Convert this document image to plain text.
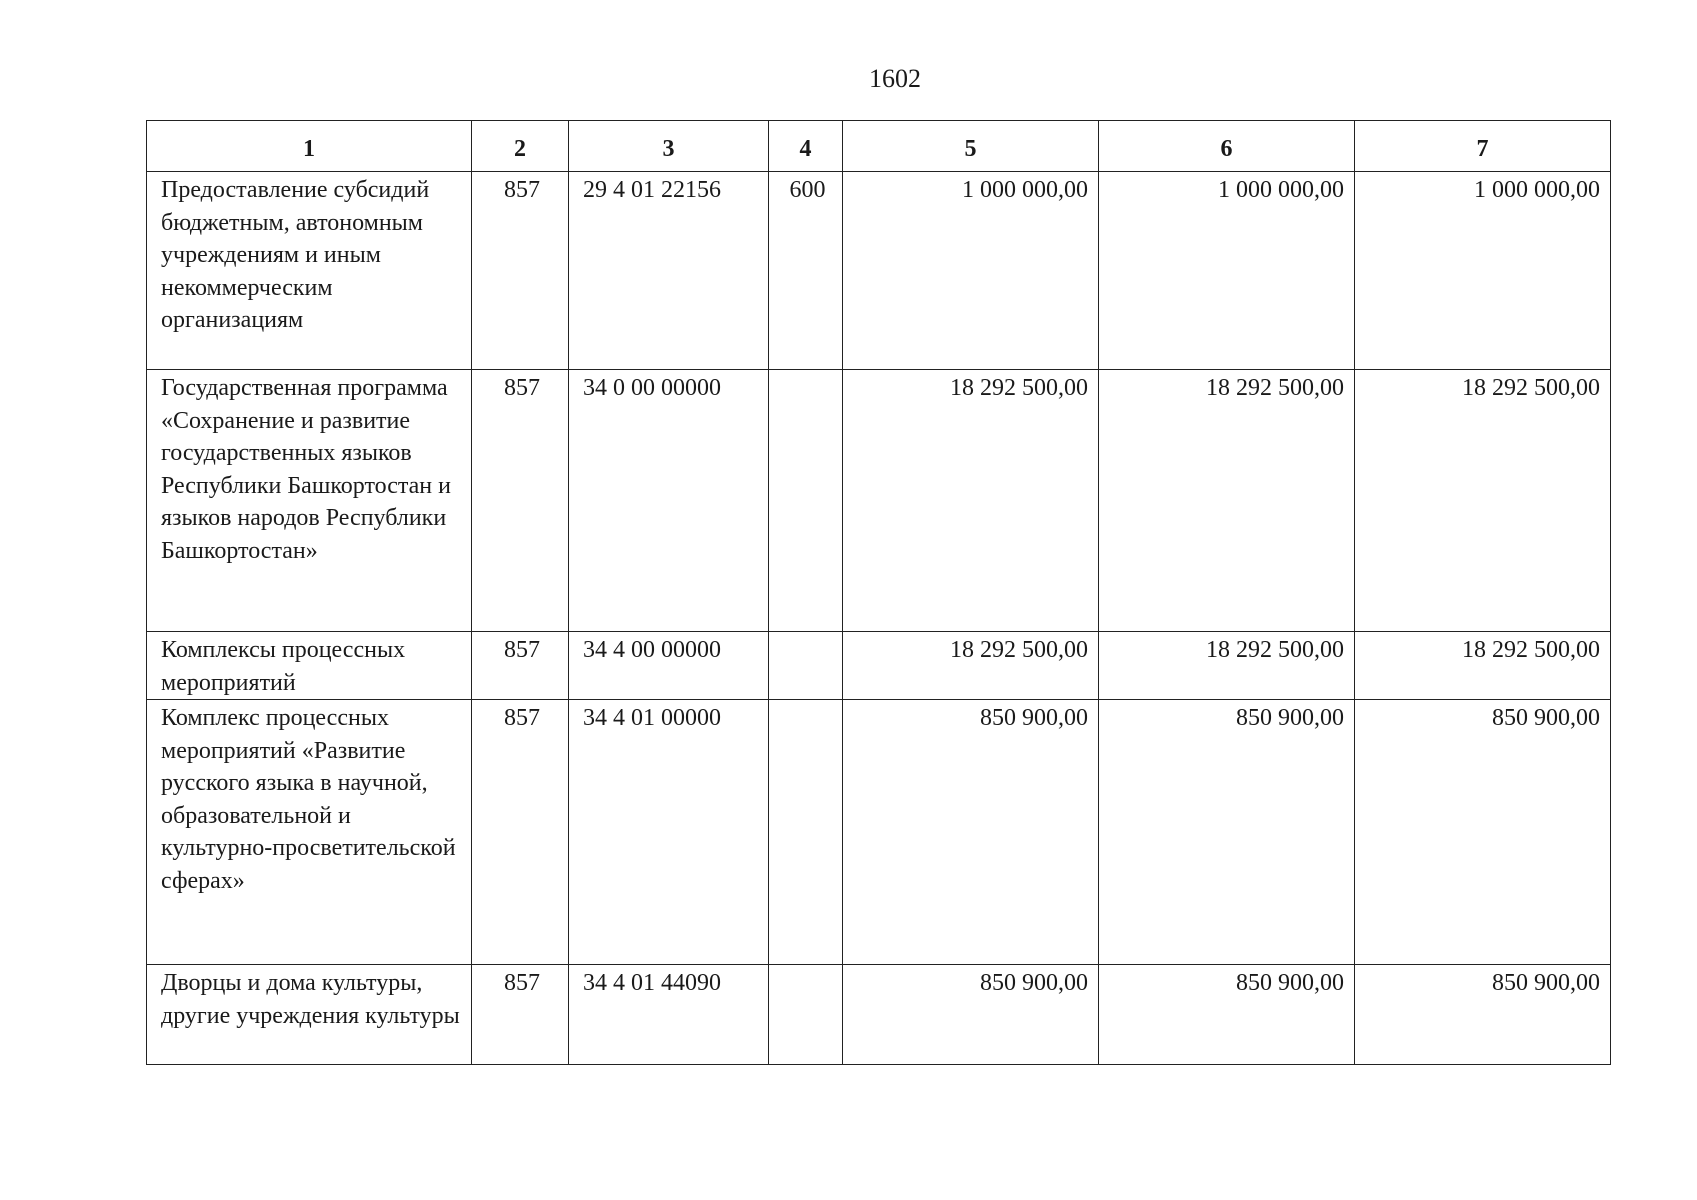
1602
1	2	3	4	5	6	7
Предоставление субсидий бюджетным, автономным учреждениям и иным некоммерческим организациям	857	29 4 01 22156	600	1 000 000,00	1 000 000,00	1 000 000,00
Государственная программа «Сохранение и развитие государственных языков Республики Башкортостан и языков народов Республики Башкортостан»	857	34 0 00 00000		18 292 500,00	18 292 500,00	18 292 500,00
Комплексы процессных мероприятий	857	34 4 00 00000		18 292 500,00	18 292 500,00	18 292 500,00
Комплекс процессных мероприятий «Развитие русского языка в научной, образовательной и культурно-просветительской сферах»	857	34 4 01 00000		850 900,00	850 900,00	850 900,00
Дворцы и дома культуры, другие учреждения культуры	857	34 4 01 44090		850 900,00	850 900,00	850 900,00
